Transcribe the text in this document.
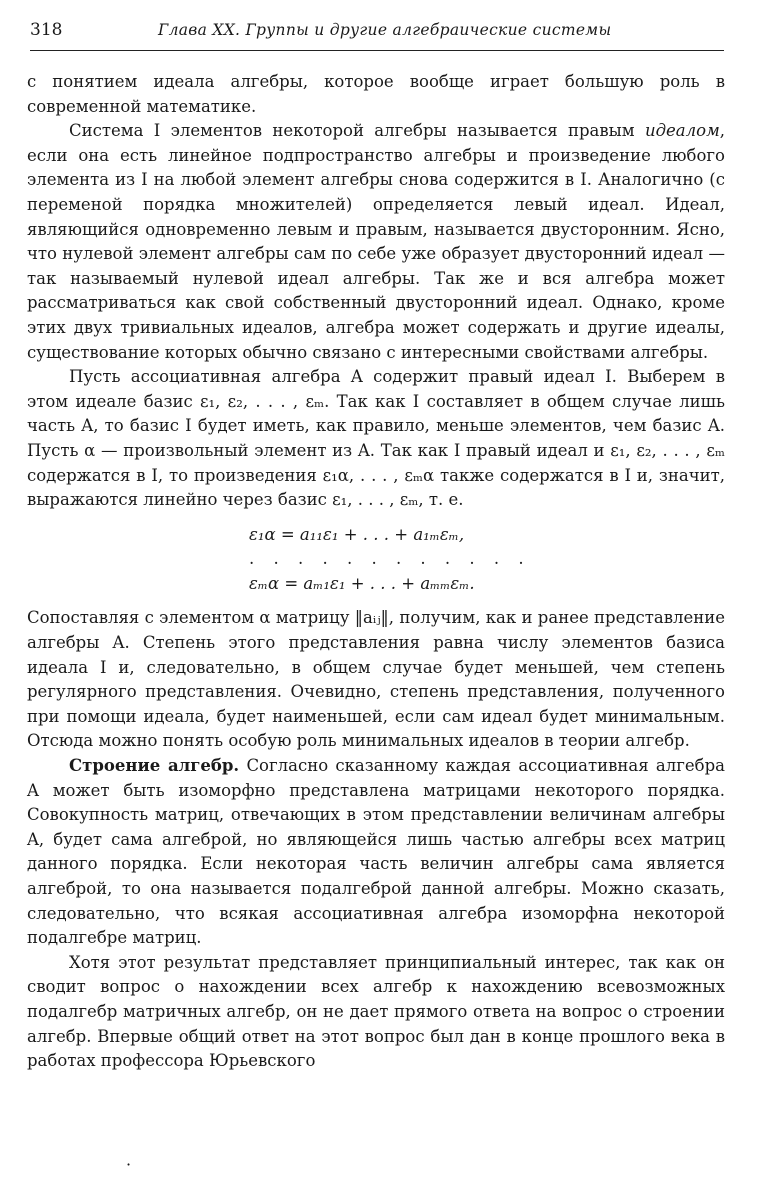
318	Глава XX. Группы и другие алгебраические системы

с понятием идеала алгебры, которое вообще играет большую роль в современной математике.

Система I элементов некоторой алгебры называется правым идеалом, если она есть линейное подпространство алгебры и произведение любого элемента из I на любой элемент алгебры снова содержится в I. Аналогично (с переменой порядка множителей) определяется левый идеал. Идеал, являющийся одновременно левым и правым, называется двусторонним. Ясно, что нулевой элемент алгебры сам по себе уже образует двусторонний идеал — так называемый нулевой идеал алгебры. Так же и вся алгебра может рассматриваться как свой собственный двусторонний идеал. Однако, кроме этих двух тривиальных идеалов, алгебра может содержать и другие идеалы, существование которых обычно связано с интересными свойствами алгебры.

Пусть ассоциативная алгебра A содержит правый идеал I. Выберем в этом идеале базис ε₁, ε₂, . . . , εₘ. Так как I составляет в общем случае лишь часть A, то базис I будет иметь, как правило, меньше элементов, чем базис A. Пусть α — произвольный элемент из A. Так как I правый идеал и ε₁, ε₂, . . . , εₘ содержатся в I, то произведения ε₁α, . . . , εₘα также содержатся в I и, значит, выражаются линейно через базис ε₁, . . . , εₘ, т. е.

ε₁α = a₁₁ε₁ + . . . + a₁ₘεₘ,

. . . . . . . . . . . .

εₘα = aₘ₁ε₁ + . . . + aₘₘεₘ.

Сопоставляя с элементом α матрицу ‖aᵢⱼ‖, получим, как и ранее представление алгебры A. Степень этого представления равна числу элементов базиса идеала I и, следовательно, в общем случае будет меньшей, чем степень регулярного представления. Очевидно, степень представления, полученного при помощи идеала, будет наименьшей, если сам идеал будет минимальным. Отсюда можно понять особую роль минимальных идеалов в теории алгебр.

Строение алгебр. Согласно сказанному каждая ассоциативная алгебра A может быть изоморфно представлена матрицами некоторого порядка. Совокупность матриц, отвечающих в этом представлении величинам алгебры A, будет сама алгеброй, но являющейся лишь частью алгебры всех матриц данного порядка. Если некоторая часть величин алгебры сама является алгеброй, то она называется подалгеброй данной алгебры. Можно сказать, следовательно, что всякая ассоциативная алгебра изоморфна некоторой подалгебре матриц.

Хотя этот результат представляет принципиальный интерес, так как он сводит вопрос о нахождении всех алгебр к нахождению всевозможных подалгебр матричных алгебр, он не дает прямого ответа на вопрос о строении алгебр. Впервые общий ответ на этот вопрос был дан в конце прошлого века в работах профессора Юрьевского

·
